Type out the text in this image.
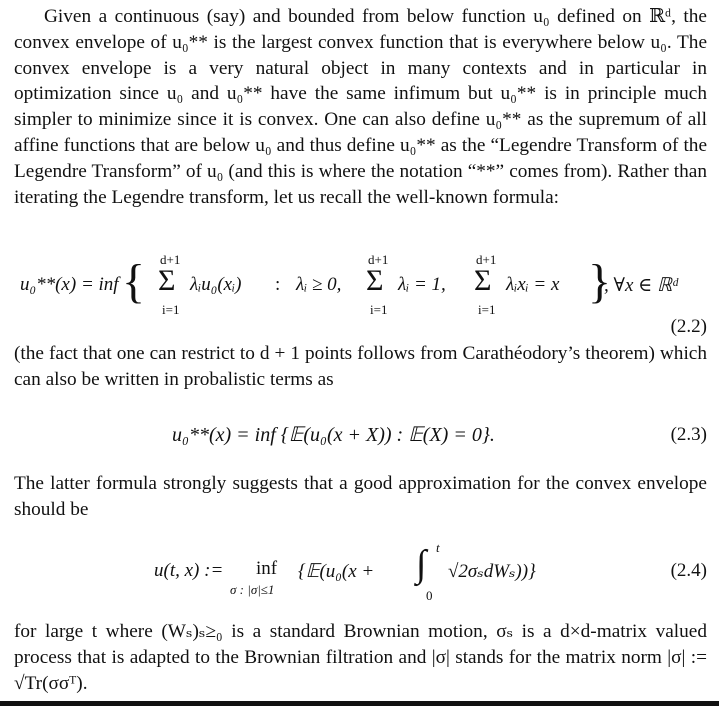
Given a continuous (say) and bounded from below function u₀ defined on ℝᵈ, the convex envelope of u₀** is the largest convex function that is everywhere below u₀. The convex envelope is a very natural object in many contexts and in particular in optimization since u₀ and u₀** have the same infimum but u₀** is in principle much simpler to minimize since it is convex. One can also define u₀** as the supremum of all affine functions that are below u₀ and thus define u₀** as the “Legendre Transform of the Legendre Transform” of u₀ (and this is where the notation “**” comes from). Rather than iterating the Legendre transform, let us recall the well-known formula:

u₀**(x) = inf { d+1
Σ
i=1
λᵢu₀(xᵢ) : λᵢ ≥ 0,
d+1
Σ
i=1
λᵢ = 1,
d+1
Σ
i=1
λᵢxᵢ = x }
, ∀x ∈ ℝᵈ
(2.2)

(the fact that one can restrict to d + 1 points follows from Carathéodory’s theorem) which can also be written in probalistic terms as

u₀**(x) = inf {𝔼(u₀(x + X)) : 𝔼(X) = 0}.	(2.3)

The latter formula strongly suggests that a good approximation for the convex envelope should be

u(t, x) := inf
σ : |σ|≤1
{𝔼(u₀(x +
t
∫
0
√2σₛdWₛ))}	(2.4)

for large t where (Wₛ)ₛ≥₀ is a standard Brownian motion, σₛ is a d×d-matrix valued process that is adapted to the Brownian filtration and |σ| stands for the matrix norm |σ| := √Tr(σσᵀ).
